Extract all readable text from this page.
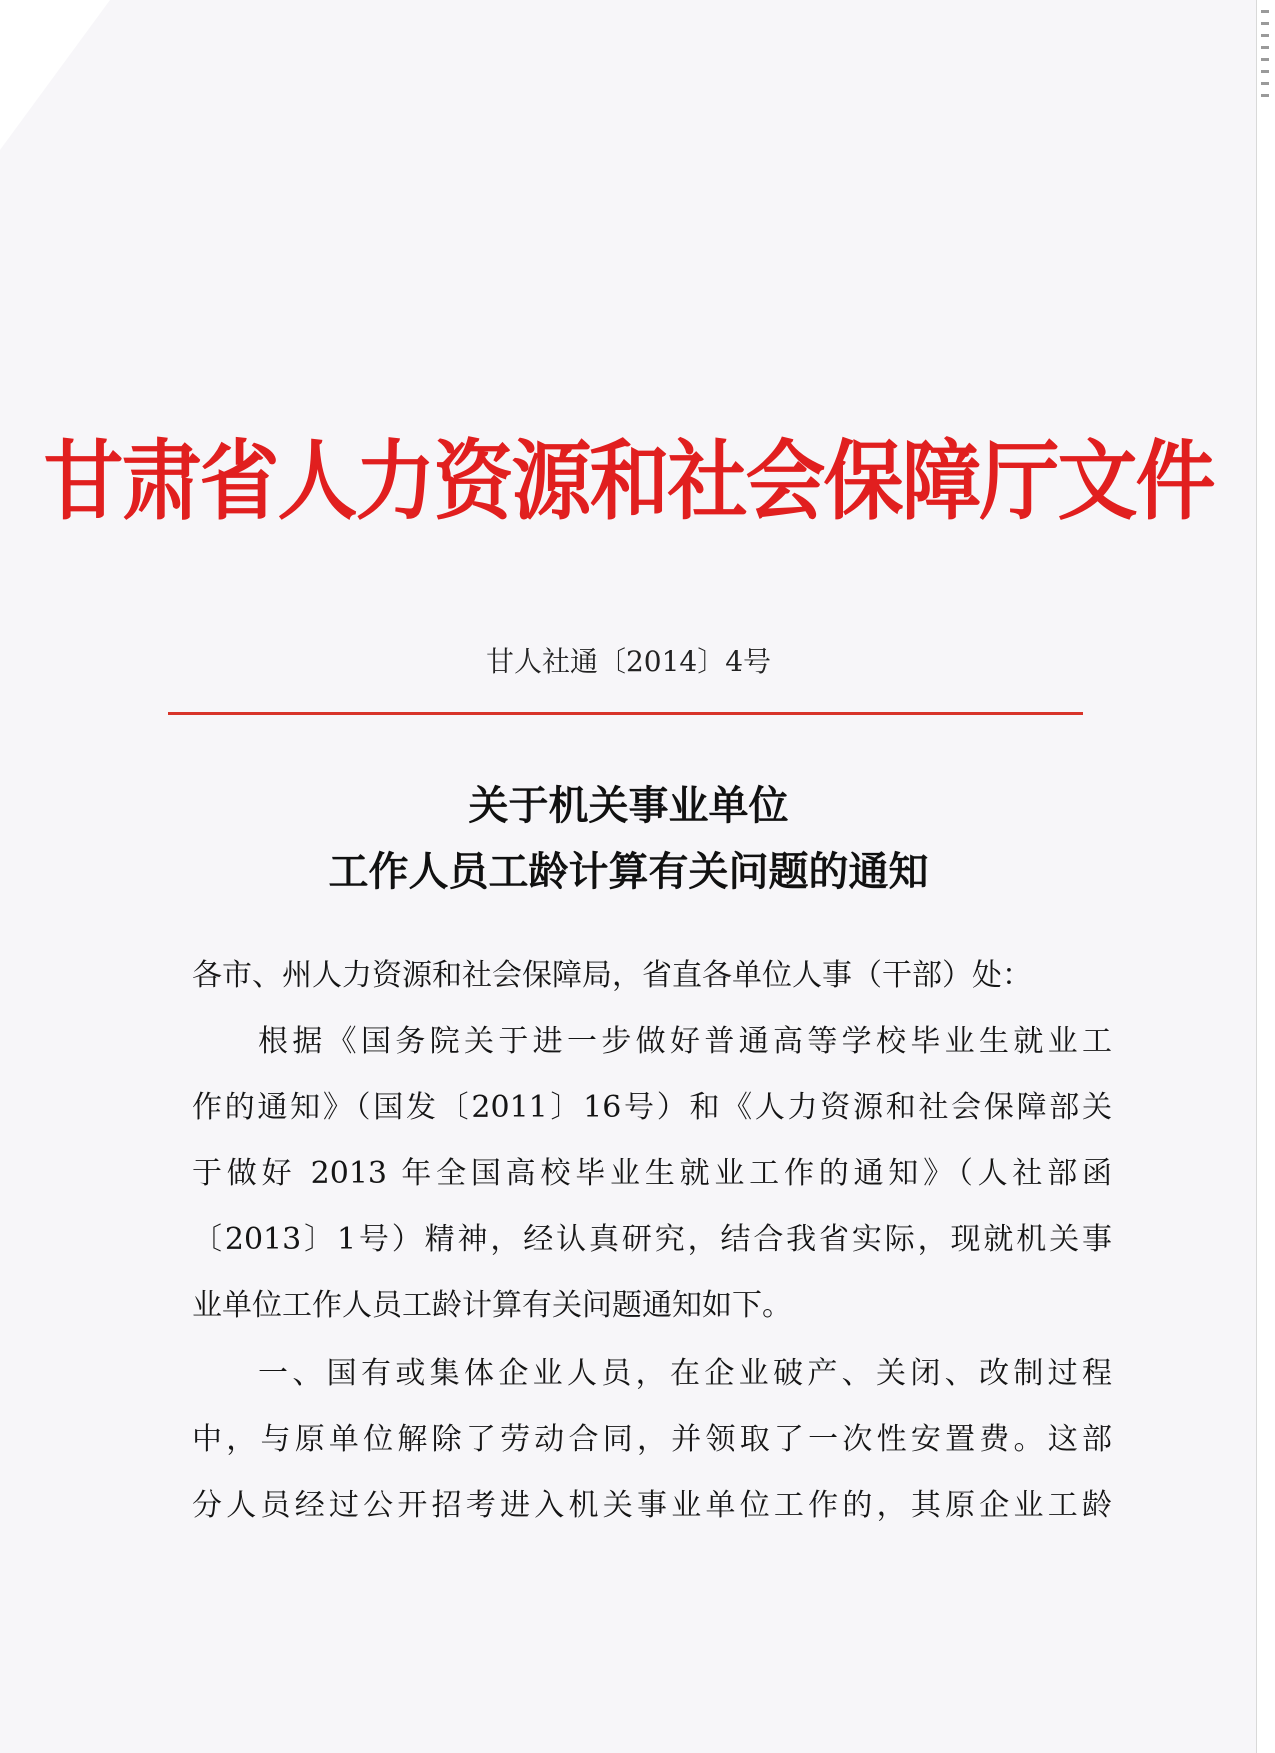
甘肃省人力资源和社会保障厅文件
甘人社通〔2014〕4号
关于机关事业单位
工作人员工龄计算有关问题的通知
各市、州人力资源和社会保障局，省直各单位人事（干部）处：
根据《国务院关于进一步做好普通高等学校毕业生就业工
作的通知》（国发〔2011〕16号）和《人力资源和社会保障部关
于做好 2013 年全国高校毕业生就业工作的通知》（人社部函
〔2013〕1号）精神，经认真研究，结合我省实际，现就机关事
业单位工作人员工龄计算有关问题通知如下。
一、国有或集体企业人员，在企业破产、关闭、改制过程
中，与原单位解除了劳动合同，并领取了一次性安置费。这部
分人员经过公开招考进入机关事业单位工作的，其原企业工龄
